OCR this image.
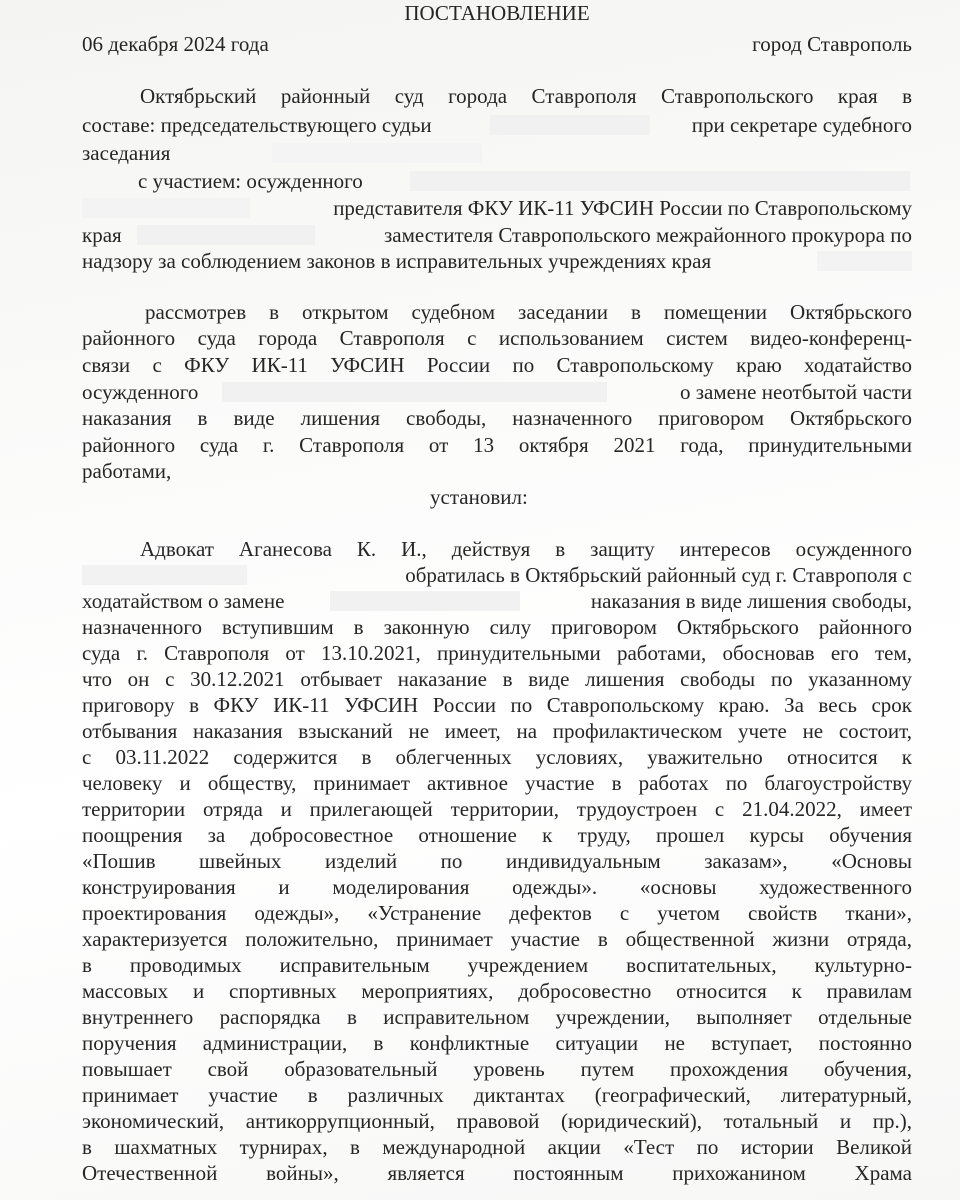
ПОСТАНОВЛЕНИЕ
06 декабря 2024 года	город Ставрополь
Октябрьский районный суд города Ставрополя Ставропольского края в
составе: председательствующего судьи	при секретаре судебного
заседания
с участием: осужденного
представителя ФКУ ИК-11 УФСИН России по Ставропольскому
края	заместителя Ставропольского межрайонного прокурора по
надзору за соблюдением законов в исправительных учреждениях края
рассмотрев в открытом судебном заседании в помещении Октябрьского
районного суда города Ставрополя с использованием систем видео-конференц-
связи с ФКУ ИК-11 УФСИН России по Ставропольскому краю ходатайство
осужденного	о замене неотбытой части
наказания в виде лишения свободы, назначенного приговором Октябрьского
районного суда г. Ставрополя от 13 октября 2021 года, принудительными
работами,
установил:
Адвокат Аганесова К. И., действуя в защиту интересов осужденного
обратилась в Октябрьский районный суд г. Ставрополя с
ходатайством о замене	наказания в виде лишения свободы,
назначенного вступившим в законную силу приговором Октябрьского районного
суда г. Ставрополя от 13.10.2021, принудительными работами, обосновав его тем,
что он с 30.12.2021 отбывает наказание в виде лишения свободы по указанному
приговору в ФКУ ИК-11 УФСИН России по Ставропольскому краю. За весь срок
отбывания наказания взысканий не имеет, на профилактическом учете не состоит,
с 03.11.2022 содержится в облегченных условиях, уважительно относится к
человеку и обществу, принимает активное участие в работах по благоустройству
территории отряда и прилегающей территории, трудоустроен с 21.04.2022, имеет
поощрения за добросовестное отношение к труду, прошел курсы обучения
«Пошив швейных изделий по индивидуальным заказам», «Основы
конструирования и моделирования одежды». «основы художественного
проектирования одежды», «Устранение дефектов с учетом свойств ткани»,
характеризуется положительно, принимает участие в общественной жизни отряда,
в проводимых исправительным учреждением воспитательных, культурно-
массовых и спортивных мероприятиях, добросовестно относится к правилам
внутреннего распорядка в исправительном учреждении, выполняет отдельные
поручения администрации, в конфликтные ситуации не вступает, постоянно
повышает свой образовательный уровень путем прохождения обучения,
принимает участие в различных диктантах (географический, литературный,
экономический, антикоррупционный, правовой (юридический), тотальный и пр.),
в шахматных турнирах, в международной акции «Тест по истории Великой
Отечественной войны», является постоянным прихожанином Храма
